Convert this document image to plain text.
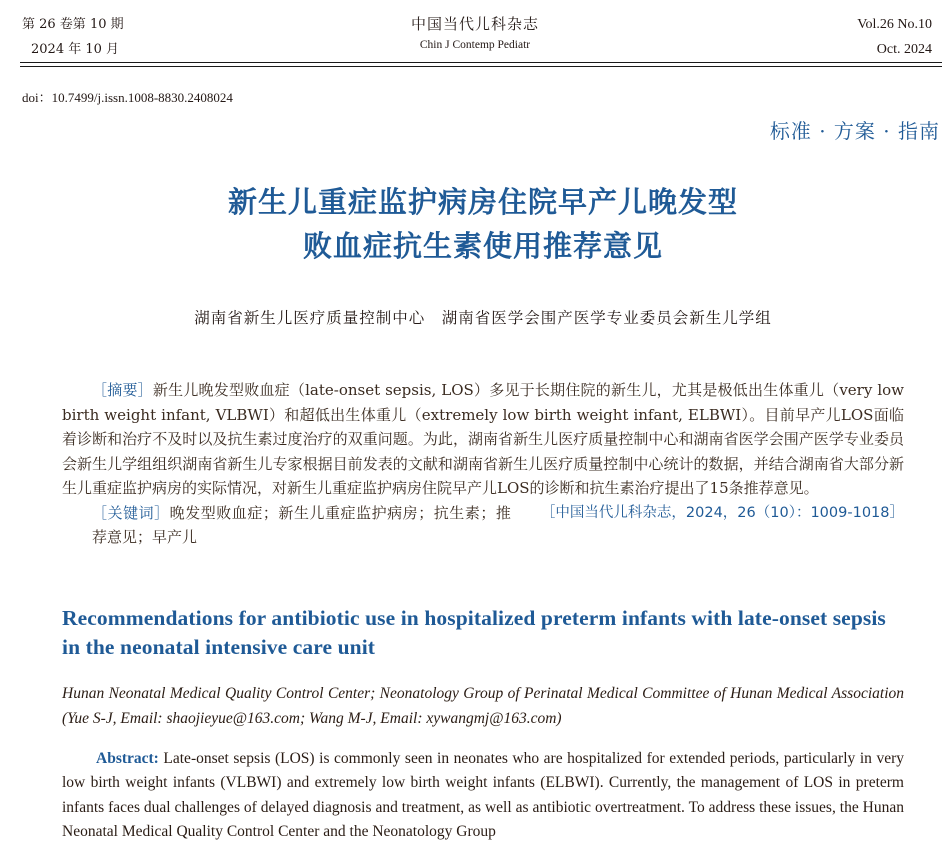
第 26 卷第 10 期
2024 年 10 月
中国当代儿科杂志
Chin J Contemp Pediatr
Vol.26 No.10
Oct. 2024
doi：10.7499/j.issn.1008-8830.2408024
标准 · 方案 · 指南
新生儿重症监护病房住院早产儿晚发型
败血症抗生素使用推荐意见
湖南省新生儿医疗质量控制中心　湖南省医学会围产医学专业委员会新生儿学组

［摘要］新生儿晚发型败血症（late-onset sepsis, LOS）多见于长期住院的新生儿，尤其是极低出生体重儿（very low birth weight infant, VLBWI）和超低出生体重儿（extremely low birth weight infant, ELBWI）。目前早产儿LOS面临着诊断和治疗不及时以及抗生素过度治疗的双重问题。为此，湖南省新生儿医疗质量控制中心和湖南省医学会围产医学专业委员会新生儿学组组织湖南省新生儿专家根据目前发表的文献和湖南省新生儿医疗质量控制中心统计的数据，并结合湖南省大部分新生儿重症监护病房的实际情况，对新生儿重症监护病房住院早产儿LOS的诊断和抗生素治疗提出了15条推荐意见。
［中国当代儿科杂志，2024，26（10）：1009-1018］

［关键词］晚发型败血症；新生儿重症监护病房；抗生素；推荐意见；早产儿

Recommendations for antibiotic use in hospitalized preterm infants with late-onset sepsis in the neonatal intensive care unit
Hunan Neonatal Medical Quality Control Center; Neonatology Group of Perinatal Medical Committee of Hunan Medical Association (Yue S-J, Email: shaojieyue@163.com; Wang M-J, Email: xywangmj@163.com)

Abstract: Late-onset sepsis (LOS) is commonly seen in neonates who are hospitalized for extended periods, particularly in very low birth weight infants (VLBWI) and extremely low birth weight infants (ELBWI). Currently, the management of LOS in preterm infants faces dual challenges of delayed diagnosis and treatment, as well as antibiotic overtreatment. To address these issues, the Hunan Neonatal Medical Quality Control Center and the Neonatology Group
